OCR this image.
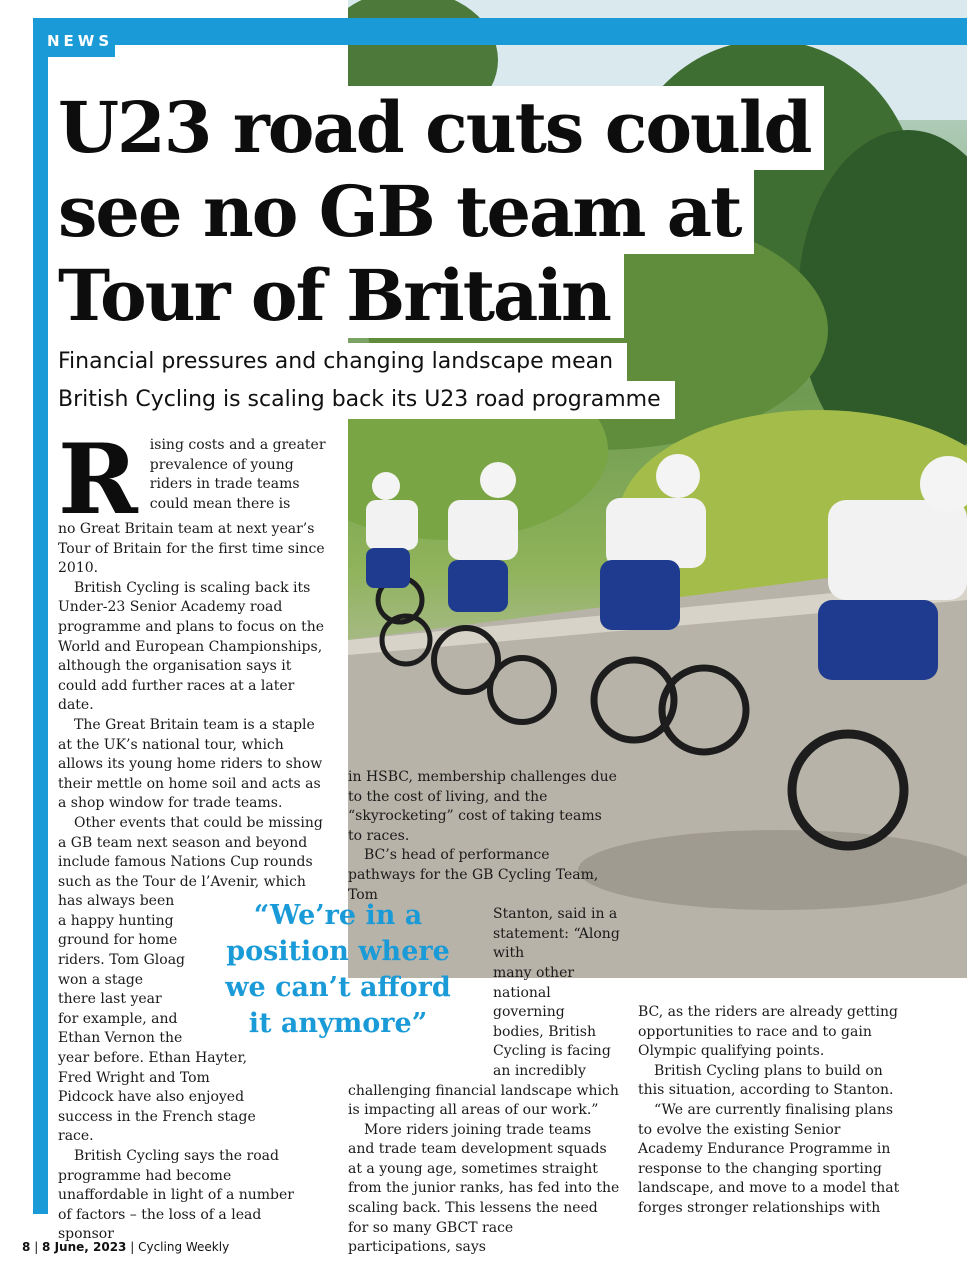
NEWS
U23 road cuts could
see no GB team at
Tour of Britain
Financial pressures and changing landscape mean
British Cycling is scaling back its U23 road programme
R ising costs and a greater
prevalence of young
riders in trade teams
could mean there is

no Great Britain team at next year’s Tour of Britain for the first time since 2010.

British Cycling is scaling back its Under-23 Senior Academy road programme and plans to focus on the World and European Championships, although the organisation says it could add further races at a later date.

The Great Britain team is a staple at the UK’s national tour, which allows its young home riders to show their mettle on home soil and acts as a shop window for trade teams.

Other events that could be missing a GB team next season and beyond include famous Nations Cup rounds such as the Tour de l’Avenir, which

has always been
a happy hunting
ground for home
riders. Tom Gloag
won a stage
there last year
for example, and
Ethan Vernon the

year before. Ethan Hayter, Fred Wright and Tom Pidcock have also enjoyed success in the French stage race.

British Cycling says the road programme had become unaffordable in light of a number of factors – the loss of a lead sponsor

in HSBC, membership challenges due to the cost of living, and the “skyrocketing” cost of taking teams to races.

BC’s head of performance pathways for the GB Cycling Team, Tom

Stanton, said in a
statement: “Along
with
many other
national
governing
bodies, British
Cycling is facing
an incredibly

challenging financial landscape which is impacting all areas of our work.”

More riders joining trade teams and trade team development squads at a young age, sometimes straight from the junior ranks, has fed into the scaling back. This lessens the need for so many GBCT race participations, says

BC, as the riders are already getting opportunities to race and to gain Olympic qualifying points.

British Cycling plans to build on this situation, according to Stanton.

“We are currently finalising plans to evolve the existing Senior Academy Endurance Programme in response to the changing sporting landscape, and move to a model that forges stronger relationships with

“We’re in a
position where
we can’t afford
it anymore”
8 | 8 June, 2023 | Cycling Weekly
